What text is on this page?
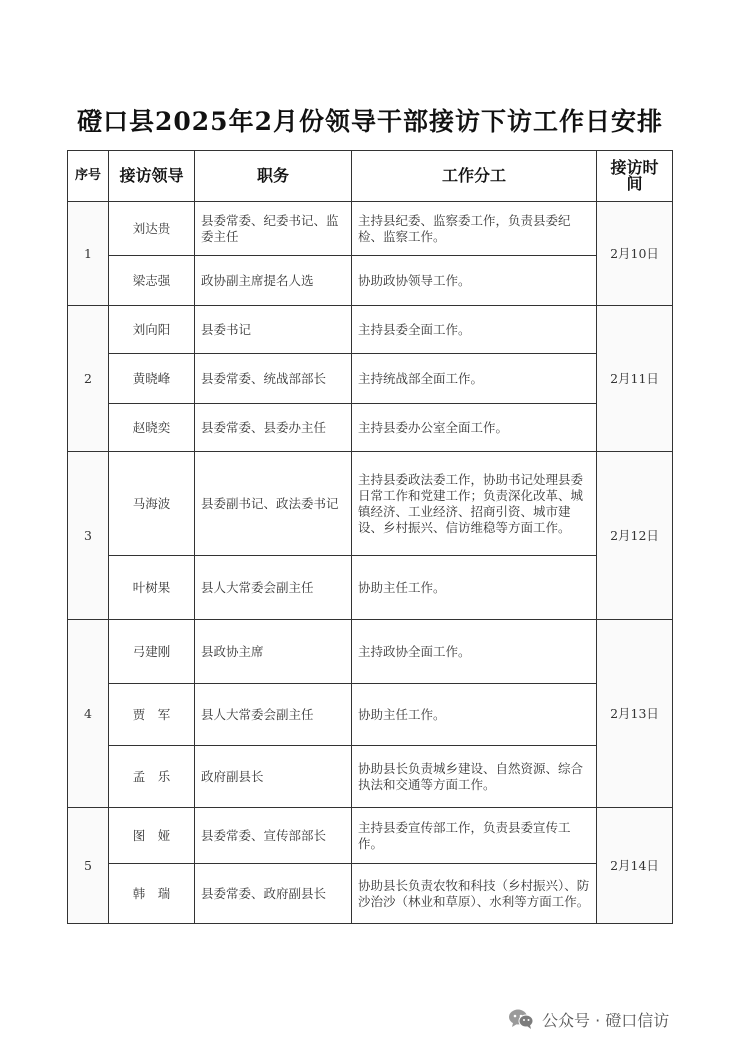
磴口县2025年2月份领导干部接访下访工作日安排
序号	接访领导	职务	工作分工	接访时间
1	刘达贵	县委常委、纪委书记、监委主任	主持县纪委、监察委工作，负责县委纪检、监察工作。	2月10日
	梁志强	政协副主席提名人选	协助政协领导工作。	
2	刘向阳	县委书记	主持县委全面工作。	2月11日
	黄晓峰	县委常委、统战部部长	主持统战部全面工作。	
	赵晓奕	县委常委、县委办主任	主持县委办公室全面工作。	
3	马海波	县委副书记、政法委书记	主持县委政法委工作，协助书记处理县委日常工作和党建工作；负责深化改革、城镇经济、工业经济、招商引资、城市建设、乡村振兴、信访维稳等方面工作。	2月12日
	叶树果	县人大常委会副主任	协助主任工作。	
4	弓建刚	县政协主席	主持政协全面工作。	2月13日
	贾　军	县人大常委会副主任	协助主任工作。	
	孟　乐	政府副县长	协助县长负责城乡建设、自然资源、综合执法和交通等方面工作。	
5	图　娅	县委常委、宣传部部长	主持县委宣传部工作，负责县委宣传工作。	2月14日
	韩　瑞	县委常委、政府副县长	协助县长负责农牧和科技（乡村振兴）、防沙治沙（林业和草原）、水利等方面工作。	
公众号 · 磴口信访
